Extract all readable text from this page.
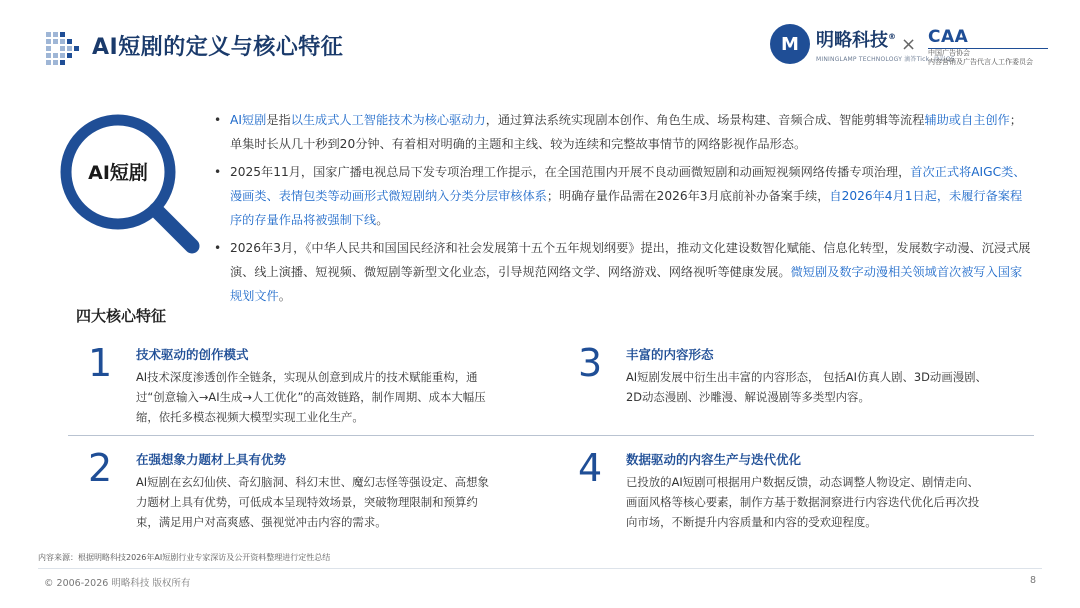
AI短剧的定义与核心特征	M 明略科技®
MININGLAMP TECHNOLOGY 滴答Tick, 沙岩Q5
× CAA
中国广告协会
内容营销及广告代言人工作委员会
AI短剧
• AI短剧是指以生成式人工智能技术为核心驱动力，通过算法系统实现剧本创作、角色生成、场景构建、音频合成、智能剪辑等流程辅助或自主创作；单集时长从几十秒到20分钟、有着相对明确的主题和主线、较为连续和完整故事情节的网络影视作品形态。
• 2025年11月，国家广播电视总局下发专项治理工作提示，在全国范围内开展不良动画微短剧和动画短视频网络传播专项治理，首次正式将AIGC类、漫画类、表情包类等动画形式微短剧纳入分类分层审核体系；明确存量作品需在2026年3月底前补办备案手续，自2026年4月1日起，未履行备案程序的存量作品将被强制下线。
• 2026年3月，《中华人民共和国国民经济和社会发展第十五个五年规划纲要》提出，推动文化建设数智化赋能、信息化转型，发展数字动漫、沉浸式展演、线上演播、短视频、微短剧等新型文化业态，引导规范网络文学、网络游戏、网络视听等健康发展。微短剧及数字动漫相关领域首次被写入国家规划文件。
四大核心特征
1	技术驱动的创作模式
AI技术深度渗透创作全链条，实现从创意到成片的技术赋能重构，通过“创意输入→AI生成→人工优化”的高效链路，制作周期、成本大幅压缩，依托多模态视频大模型实现工业化生产。
3	丰富的内容形态
AI短剧发展中衍生出丰富的内容形态， 包括AI仿真人剧、3D动画漫剧、2D动态漫剧、沙雕漫、解说漫剧等多类型内容。
2	在强想象力题材上具有优势
AI短剧在玄幻仙侠、奇幻脑洞、科幻末世、魔幻志怪等强设定、高想象力题材上具有优势，可低成本呈现特效场景，突破物理限制和预算约束，满足用户对高爽感、强视觉冲击内容的需求。
4	数据驱动的内容生产与迭代优化
已投放的AI短剧可根据用户数据反馈，动态调整人物设定、剧情走向、画面风格等核心要素，制作方基于数据洞察进行内容迭代优化后再次投向市场，不断提升内容质量和内容的受欢迎程度。
内容来源：根据明略科技2026年AI短剧行业专家深访及公开资料整理进行定性总结
© 2006-2026 明略科技 版权所有	8
